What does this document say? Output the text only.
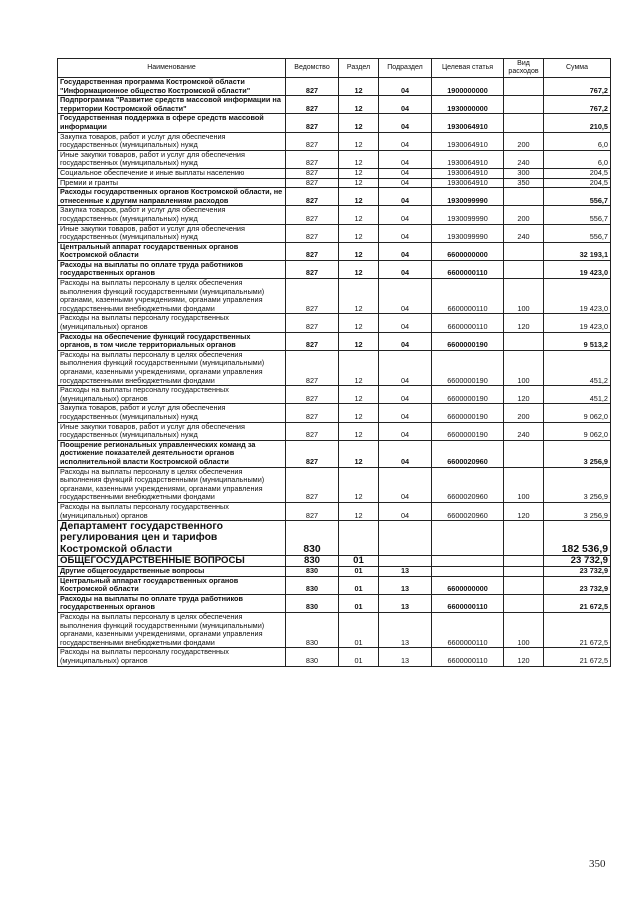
Наименование	Ведомство	Раздел	Подраздел	Целевая статья	Вид расходов	Сумма
Государственная программа Костромской области "Информационное общество Костромской области"	827	12	04	1900000000		767,2
Подпрограмма "Развитие средств массовой информации на территории Костромской области"	827	12	04	1930000000		767,2
Государственная поддержка в сфере средств массовой информации	827	12	04	1930064910		210,5
Закупка товаров, работ и услуг для обеспечения государственных (муниципальных) нужд	827	12	04	1930064910	200	6,0
Иные закупки товаров, работ и услуг для обеспечения государственных (муниципальных) нужд	827	12	04	1930064910	240	6,0
Социальное обеспечение и иные выплаты населению	827	12	04	1930064910	300	204,5
Премии и гранты	827	12	04	1930064910	350	204,5
Расходы государственных органов Костромской области, не отнесенные к другим направлениям расходов	827	12	04	1930099990		556,7
Закупка товаров, работ и услуг для обеспечения государственных (муниципальных) нужд	827	12	04	1930099990	200	556,7
Иные закупки товаров, работ и услуг для обеспечения государственных (муниципальных) нужд	827	12	04	1930099990	240	556,7
Центральный аппарат государственных органов Костромской области	827	12	04	6600000000		32 193,1
Расходы на выплаты по оплате труда работников государственных органов	827	12	04	6600000110		19 423,0
Расходы на выплаты персоналу в целях обеспечения выполнения функций государственными (муниципальными) органами, казенными учреждениями, органами управления государственными внебюджетными фондами	827	12	04	6600000110	100	19 423,0
Расходы на выплаты персоналу государственных (муниципальных) органов	827	12	04	6600000110	120	19 423,0
Расходы на обеспечение функций государственных органов, в том числе территориальных органов	827	12	04	6600000190		9 513,2
Расходы на выплаты персоналу в целях обеспечения выполнения функций государственными (муниципальными) органами, казенными учреждениями, органами управления государственными внебюджетными фондами	827	12	04	6600000190	100	451,2
Расходы на выплаты персоналу государственных (муниципальных) органов	827	12	04	6600000190	120	451,2
Закупка товаров, работ и услуг для обеспечения государственных (муниципальных) нужд	827	12	04	6600000190	200	9 062,0
Иные закупки товаров, работ и услуг для обеспечения государственных (муниципальных) нужд	827	12	04	6600000190	240	9 062,0
Поощрение региональных управленческих команд за достижение показателей деятельности органов исполнительной власти Костромской области	827	12	04	6600020960		3 256,9
Расходы на выплаты персоналу в целях обеспечения выполнения функций государственными (муниципальными) органами, казенными учреждениями, органами управления государственными внебюджетными фондами	827	12	04	6600020960	100	3 256,9
Расходы на выплаты персоналу государственных (муниципальных) органов	827	12	04	6600020960	120	3 256,9
Департамент государственного регулирования цен и тарифов Костромской области	830					182 536,9
ОБЩЕГОСУДАРСТВЕННЫЕ ВОПРОСЫ	830	01				23 732,9
Другие общегосударственные вопросы	830	01	13			23 732,9
Центральный аппарат государственных органов Костромской области	830	01	13	6600000000		23 732,9
Расходы на выплаты по оплате труда работников государственных органов	830	01	13	6600000110		21 672,5
Расходы на выплаты персоналу в целях обеспечения выполнения функций государственными (муниципальными) органами, казенными учреждениями, органами управления государственными внебюджетными фондами	830	01	13	6600000110	100	21 672,5
Расходы на выплаты персоналу государственных (муниципальных) органов	830	01	13	6600000110	120	21 672,5
350
